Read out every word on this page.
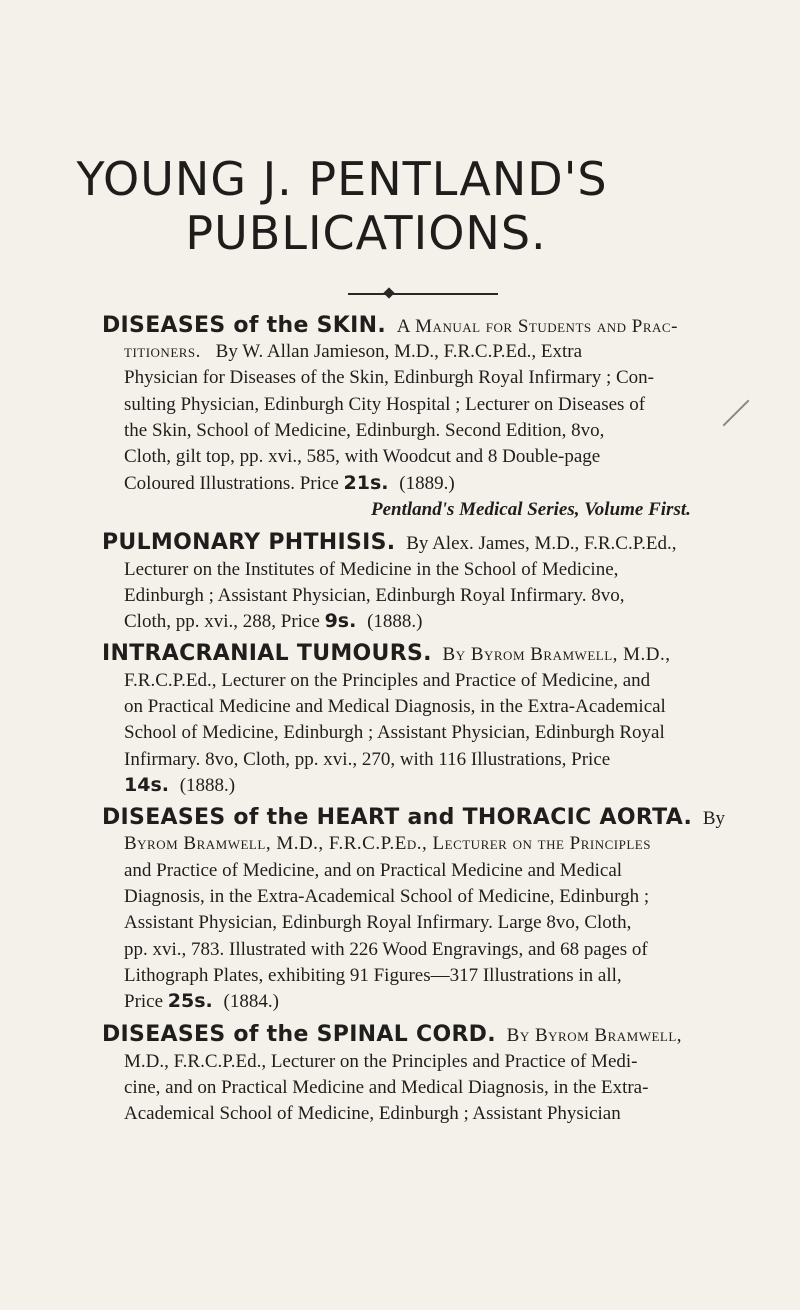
YOUNG J. PENTLAND'S
PUBLICATIONS.
DISEASES of the SKIN. A Manual for Students and Prac-
titioners. By W. Allan Jamieson, M.D., F.R.C.P.Ed., Extra
Physician for Diseases of the Skin, Edinburgh Royal Infirmary ; Con-
sulting Physician, Edinburgh City Hospital ; Lecturer on Diseases of
the Skin, School of Medicine, Edinburgh. Second Edition, 8vo,
Cloth, gilt top, pp. xvi., 585, with Woodcut and 8 Double-page
Coloured Illustrations. Price 21s. (1889.)
Pentland's Medical Series, Volume First.
PULMONARY PHTHISIS. By Alex. James, M.D., F.R.C.P.Ed.,
Lecturer on the Institutes of Medicine in the School of Medicine,
Edinburgh ; Assistant Physician, Edinburgh Royal Infirmary. 8vo,
Cloth, pp. xvi., 288, Price 9s. (1888.)
INTRACRANIAL TUMOURS. By Byrom Bramwell, M.D.,
F.R.C.P.Ed., Lecturer on the Principles and Practice of Medicine, and
on Practical Medicine and Medical Diagnosis, in the Extra-Academical
School of Medicine, Edinburgh ; Assistant Physician, Edinburgh Royal
Infirmary. 8vo, Cloth, pp. xvi., 270, with 116 Illustrations, Price
14s. (1888.)
DISEASES of the HEART and THORACIC AORTA. By
Byrom Bramwell, M.D., F.R.C.P.Ed., Lecturer on the Principles
and Practice of Medicine, and on Practical Medicine and Medical
Diagnosis, in the Extra-Academical School of Medicine, Edinburgh ;
Assistant Physician, Edinburgh Royal Infirmary. Large 8vo, Cloth,
pp. xvi., 783. Illustrated with 226 Wood Engravings, and 68 pages of
Lithograph Plates, exhibiting 91 Figures—317 Illustrations in all,
Price 25s. (1884.)
DISEASES of the SPINAL CORD. By Byrom Bramwell,
M.D., F.R.C.P.Ed., Lecturer on the Principles and Practice of Medi-
cine, and on Practical Medicine and Medical Diagnosis, in the Extra-
Academical School of Medicine, Edinburgh ; Assistant Physician
